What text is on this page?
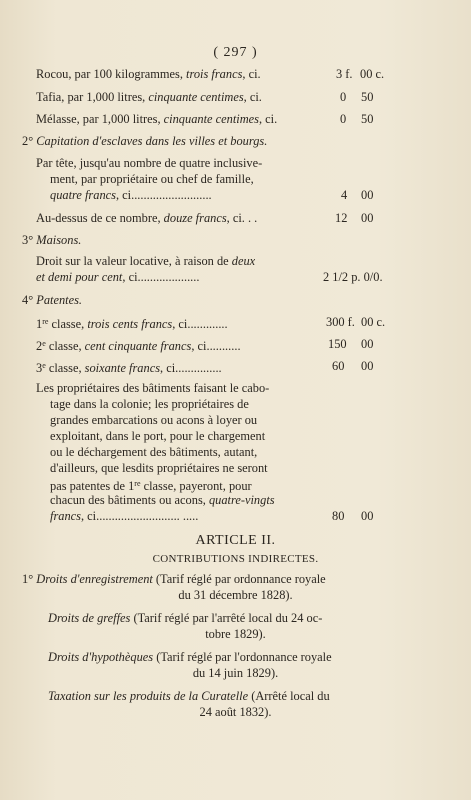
( 297 )
Rocou, par 100 kilogrammes, trois francs, ci.	3 f. 00 c.
Tafia, par 1,000 litres, cinquante centimes, ci.	0 50
Mélasse, par 1,000 litres, cinquante centimes, ci.	0 50
2° Capitation d'esclaves dans les villes et bourgs.
Par tête, jusqu'au nombre de quatre inclusive-
ment, par propriétaire ou chef de famille,
quatre francs, ci..........................	4 00
Au-dessus de ce nombre, douze francs, ci. . .	12 00
3° Maisons.
Droit sur la valeur locative, à raison de deux
et demi pour cent, ci....................	2 1/2 p. 0/0.
4° Patentes.
1re classe, trois cents francs, ci.............	300 f. 00 c.
2e classe, cent cinquante francs, ci...........	150 00
3e classe, soixante francs, ci...............	60 00
Les propriétaires des bâtiments faisant le cabo-
tage dans la colonie; les propriétaires de
grandes embarcations ou acons à loyer ou
exploitant, dans le port, pour le chargement
ou le déchargement des bâtiments, autant,
d'ailleurs, que lesdits propriétaires ne seront
pas patentes de 1re classe, payeront, pour
chacun des bâtiments ou acons, quatre-vingts
francs, ci........................... .....	80 00
ARTICLE II.
CONTRIBUTIONS INDIRECTES.
1° Droits d'enregistrement (Tarif réglé par ordonnance royale
du 31 décembre 1828).
Droits de greffes (Tarif réglé par l'arrêté local du 24 oc-
tobre 1829).
Droits d'hypothèques (Tarif réglé par l'ordonnance royale
du 14 juin 1829).
Taxation sur les produits de la Curatelle (Arrêté local du
24 août 1832).
